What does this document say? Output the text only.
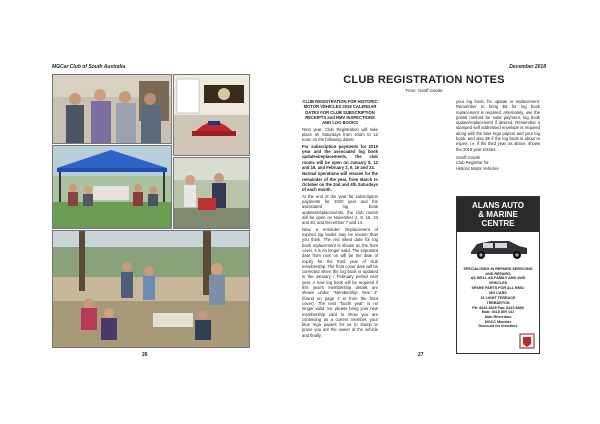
MGCar Club of South Australia
26
December 2018
CLUB REGISTRATION NOTES
From: Geoff Goode

CLUB REGISTRATION FOR HISTORIC MOTOR VEHICLES 2019 CALENDAR DATES FOR CLUB SUBSCRIPTION RECEIPTS and HMV INSPECTIONS AND LOG BOOKS

Next year, Club Registration will take place on Saturdays from 10am to 12 noon on the following dates:-

For subscription payments for 2019 year and the associated log book updates/replacements, the club rooms will be open on January 5, 12 and 19, and February 2, 9, 16 and 23.

Normal operations will resume for the remainder of the year, from March to October on the 2nd and 4th Saturdays of each month.

At the end of the year for subscription payments for 2020 year and the associated log book updates/replacements, the club rooms will be open on November 2, 9, 16, 23 and 30, and December 7 and 14.

Now, a reminder: Replacement of expired log books may be sooner than you think. The red inked date for log book replacement is shown on the front cover, it is no longer valid. The important date from now on will be the date of expiry for the third year of club membership. The front cover date will be corrected when the log book is updated in the January / February period next year. A new log book will be required if this year's membership details are shown under "Membership Year 3" (found on page 4 in from the front cover). The next "fourth year" is no longer valid. So, please bring your new membership card to show you are continuing as a current member, your blue rego papers for us to stamp to prove you are the owner of the vehicle and finally,

your log book, for update or replacement. Remember to bring $5 for log book replacement is required. Alternately, use the postal method for subs payment, log book update/replacement if desired. Remember a stamped self addressed envelope is required along with the blue rego papers and your log book, and also $5 if the log book is about to expire, i.e. if the third year, as above, shows the 2019 year entries.

Geoff Goode

Club Registrar for

Historic Motor Vehicles

ALANS AUTO
& MARINE
CENTRE
SPECIALISING IN REPAIRS SERVICING
AND REPAIRS
AS WELL AS FAMILY AND 4WD
VEHICLES
SPARE PARTS FOR ALL BMC/
MG CARS
31 LIGHT TERRACE
THEBARTON
Ph: 8443 8345 Fax: 8443 5898
Mob: 0418 809 141
Alan Reverdino
MGCC Member
Discount for members
27
